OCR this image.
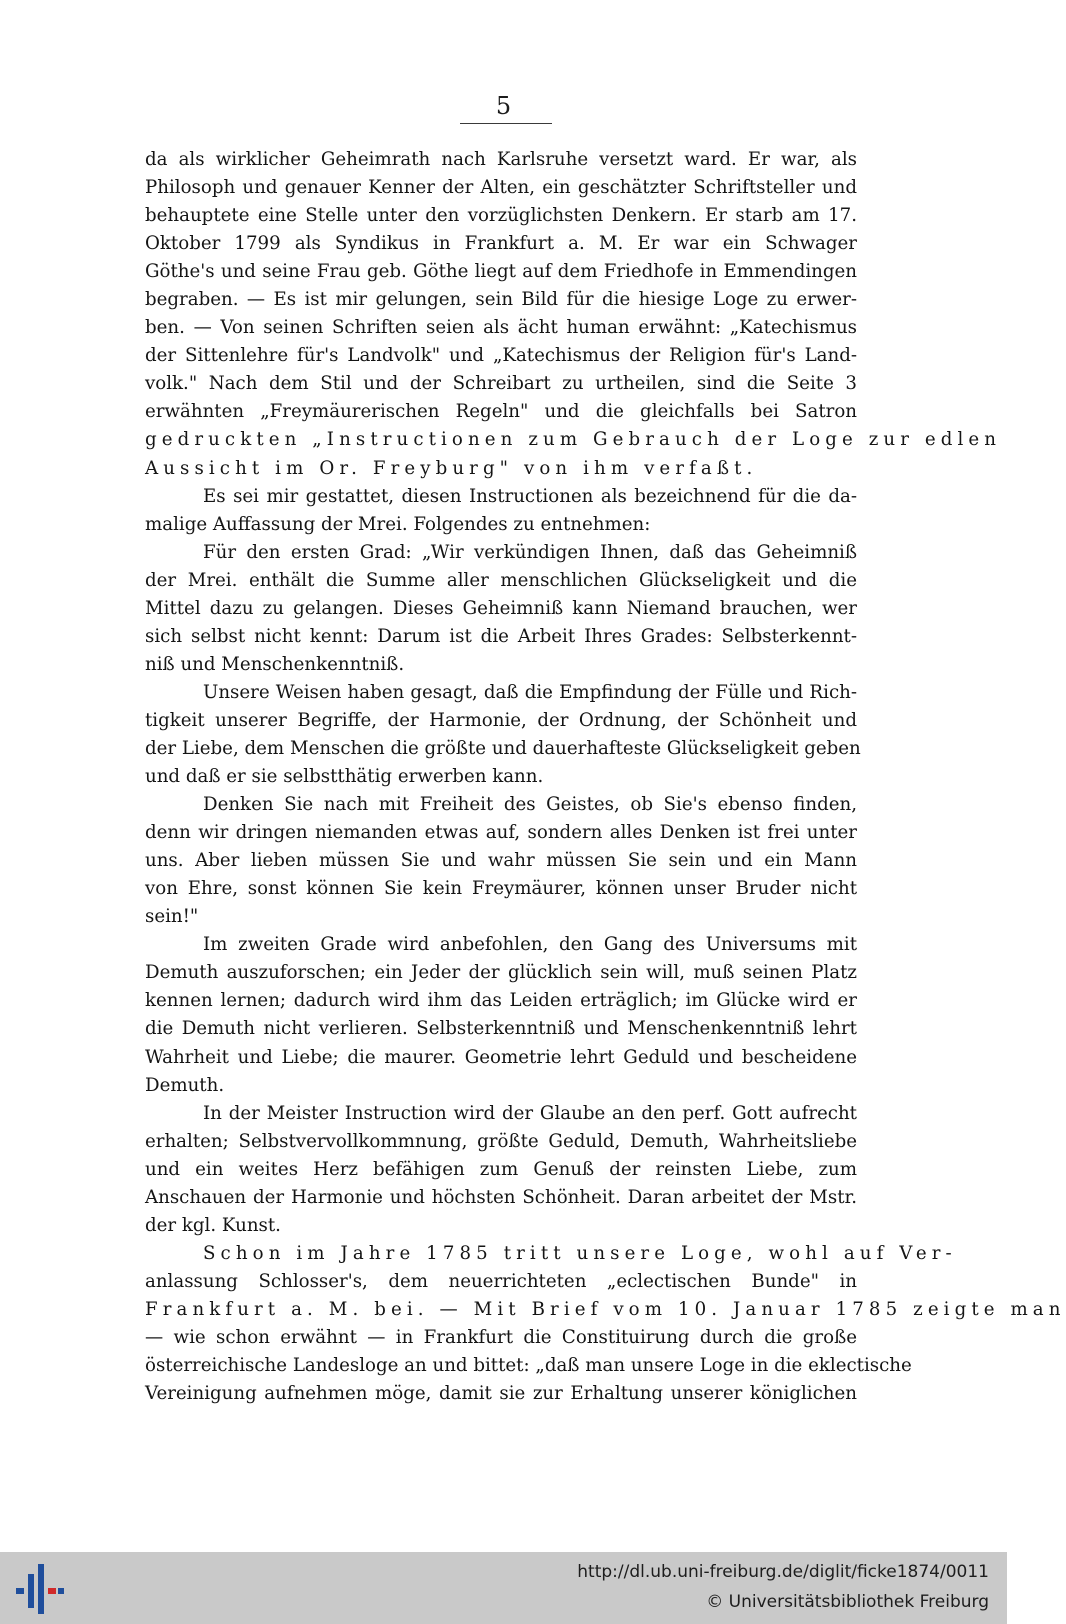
5
da als wirklicher Geheimrath nach Karlsruhe versetzt ward. Er war, als
Philosoph und genauer Kenner der Alten, ein geschätzter Schriftsteller und
behauptete eine Stelle unter den vorzüglichsten Denkern. Er starb am 17.
Oktober 1799 als Syndikus in Frankfurt a. M. Er war ein Schwager
Göthe's und seine Frau geb. Göthe liegt auf dem Friedhofe in Emmendingen
begraben. — Es ist mir gelungen, sein Bild für die hiesige Loge zu erwer-
ben. — Von seinen Schriften seien als ächt human erwähnt: „Katechismus
der Sittenlehre für's Landvolk" und „Katechismus der Religion für's Land-
volk." Nach dem Stil und der Schreibart zu urtheilen, sind die Seite 3
erwähnten „Freymäurerischen Regeln" und die gleichfalls bei Satron
gedruckten „Instructionen zum Gebrauch der Loge zur edlen
Aussicht im Or. Freyburg" von ihm verfaßt.
Es sei mir gestattet, diesen Instructionen als bezeichnend für die da-
malige Auffassung der Mrei. Folgendes zu entnehmen:
Für den ersten Grad: „Wir verkündigen Ihnen, daß das Geheimniß
der Mrei. enthält die Summe aller menschlichen Glückseligkeit und die
Mittel dazu zu gelangen. Dieses Geheimniß kann Niemand brauchen, wer
sich selbst nicht kennt: Darum ist die Arbeit Ihres Grades: Selbsterkennt-
niß und Menschenkenntniß.
Unsere Weisen haben gesagt, daß die Empfindung der Fülle und Rich-
tigkeit unserer Begriffe, der Harmonie, der Ordnung, der Schönheit und
der Liebe, dem Menschen die größte und dauerhafteste Glückseligkeit geben
und daß er sie selbstthätig erwerben kann.
Denken Sie nach mit Freiheit des Geistes, ob Sie's ebenso finden,
denn wir dringen niemanden etwas auf, sondern alles Denken ist frei unter
uns. Aber lieben müssen Sie und wahr müssen Sie sein und ein Mann
von Ehre, sonst können Sie kein Freymäurer, können unser Bruder nicht
sein!"
Im zweiten Grade wird anbefohlen, den Gang des Universums mit
Demuth auszuforschen; ein Jeder der glücklich sein will, muß seinen Platz
kennen lernen; dadurch wird ihm das Leiden erträglich; im Glücke wird er
die Demuth nicht verlieren. Selbsterkenntniß und Menschenkenntniß lehrt
Wahrheit und Liebe; die maurer. Geometrie lehrt Geduld und bescheidene
Demuth.
In der Meister Instruction wird der Glaube an den perf. Gott aufrecht
erhalten; Selbstvervollkommnung, größte Geduld, Demuth, Wahrheitsliebe
und ein weites Herz befähigen zum Genuß der reinsten Liebe, zum
Anschauen der Harmonie und höchsten Schönheit. Daran arbeitet der Mstr.
der kgl. Kunst.
Schon im Jahre 1785 tritt unsere Loge, wohl auf Ver-
anlassung Schlosser's, dem neuerrichteten „eclectischen Bunde" in
Frankfurt a. M. bei. — Mit Brief vom 10. Januar 1785 zeigte man
— wie schon erwähnt — in Frankfurt die Constituirung durch die große
österreichische Landesloge an und bittet: „daß man unsere Loge in die eklectische
Vereinigung aufnehmen möge, damit sie zur Erhaltung unserer königlichen
http://dl.ub.uni-freiburg.de/diglit/ficke1874/0011
© Universitätsbibliothek Freiburg
